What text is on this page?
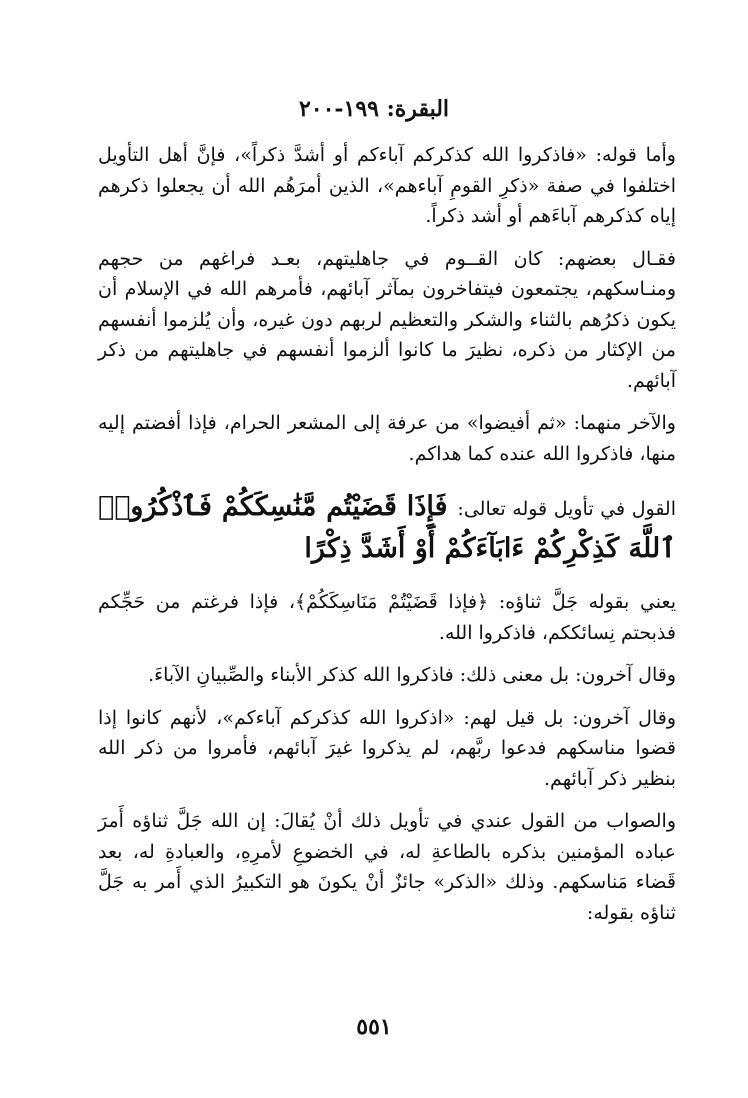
البقرة: ١٩٩-٢٠٠

وأما قوله: «فاذكروا الله كذكركم آباءكم أو أشدَّ ذكراً»، فإنَّ أهل التأويل اختلفوا في صفة «ذكرِ القومِ آباءهم»، الذين أمرَهُم الله أن يجعلوا ذكرهم إياه كذكرهم آباءَهم أو أشد ذكراً.

فقـال بعضهم: كان القــوم في جاهليتهم، بعـد فراغهم من حجهم ومنـاسكهم، يجتمعون فيتفاخرون بمآثر آبائهم، فأمرهم الله في الإسلام أن يكون ذكرُهم بالثناء والشكر والتعظيم لربهم دون غيره، وأن يُلزموا أنفسهم من الإكثار من ذكره، نظيرَ ما كانوا ألزموا أنفسهم في جاهليتهم من ذكر آبائهم.

والآخر منهما: «ثم أفيضوا» من عرفة إلى المشعر الحرام، فإذا أفضتم إليه منها، فاذكروا الله عنده كما هداكم.

القول في تأويل قوله تعالى: فَإِذَا قَضَيْتُم مَّنَٰسِكَكُمْ فَٱذْكُرُوا۟ ٱللَّهَ كَذِكْرِكُمْ ءَابَآءَكُمْ أَوْ أَشَدَّ ذِكْرًا

يعني بقوله جَلَّ ثناؤه: ﴿فإذا قَضَيْتُمْ مَنَاسِكَكُمْ﴾، فإذا فرغتم من حَجِّكم فذبحتم نِسائككم، فاذكروا الله.

وقال آخرون: بل معنى ذلك: فاذكروا الله كذكر الأبناء والصِّبيانِ الآباءَ.

وقال آخرون: بل قيل لهم: «اذكروا الله كذكركم آباءكم»، لأنهم كانوا إذا قضوا مناسكهم فدعوا ربَّهم، لم يذكروا غيرَ آبائهم، فأمروا من ذكر الله بنظير ذكر آبائهم.

والصواب من القول عندي في تأويل ذلك أنْ يُقالَ: إن الله جَلَّ ثناؤه أَمرَ عباده المؤمنين بذكره بالطاعةِ له، في الخضوعِ لأمرِهِ، والعبادةِ له، بعد قَضاء مَناسكهم. وذلك «الذكر» جائزٌ أنْ يكونَ هو التكبيرُ الذي أَمر به جَلَّ ثناؤه بقوله:

٥٥١
